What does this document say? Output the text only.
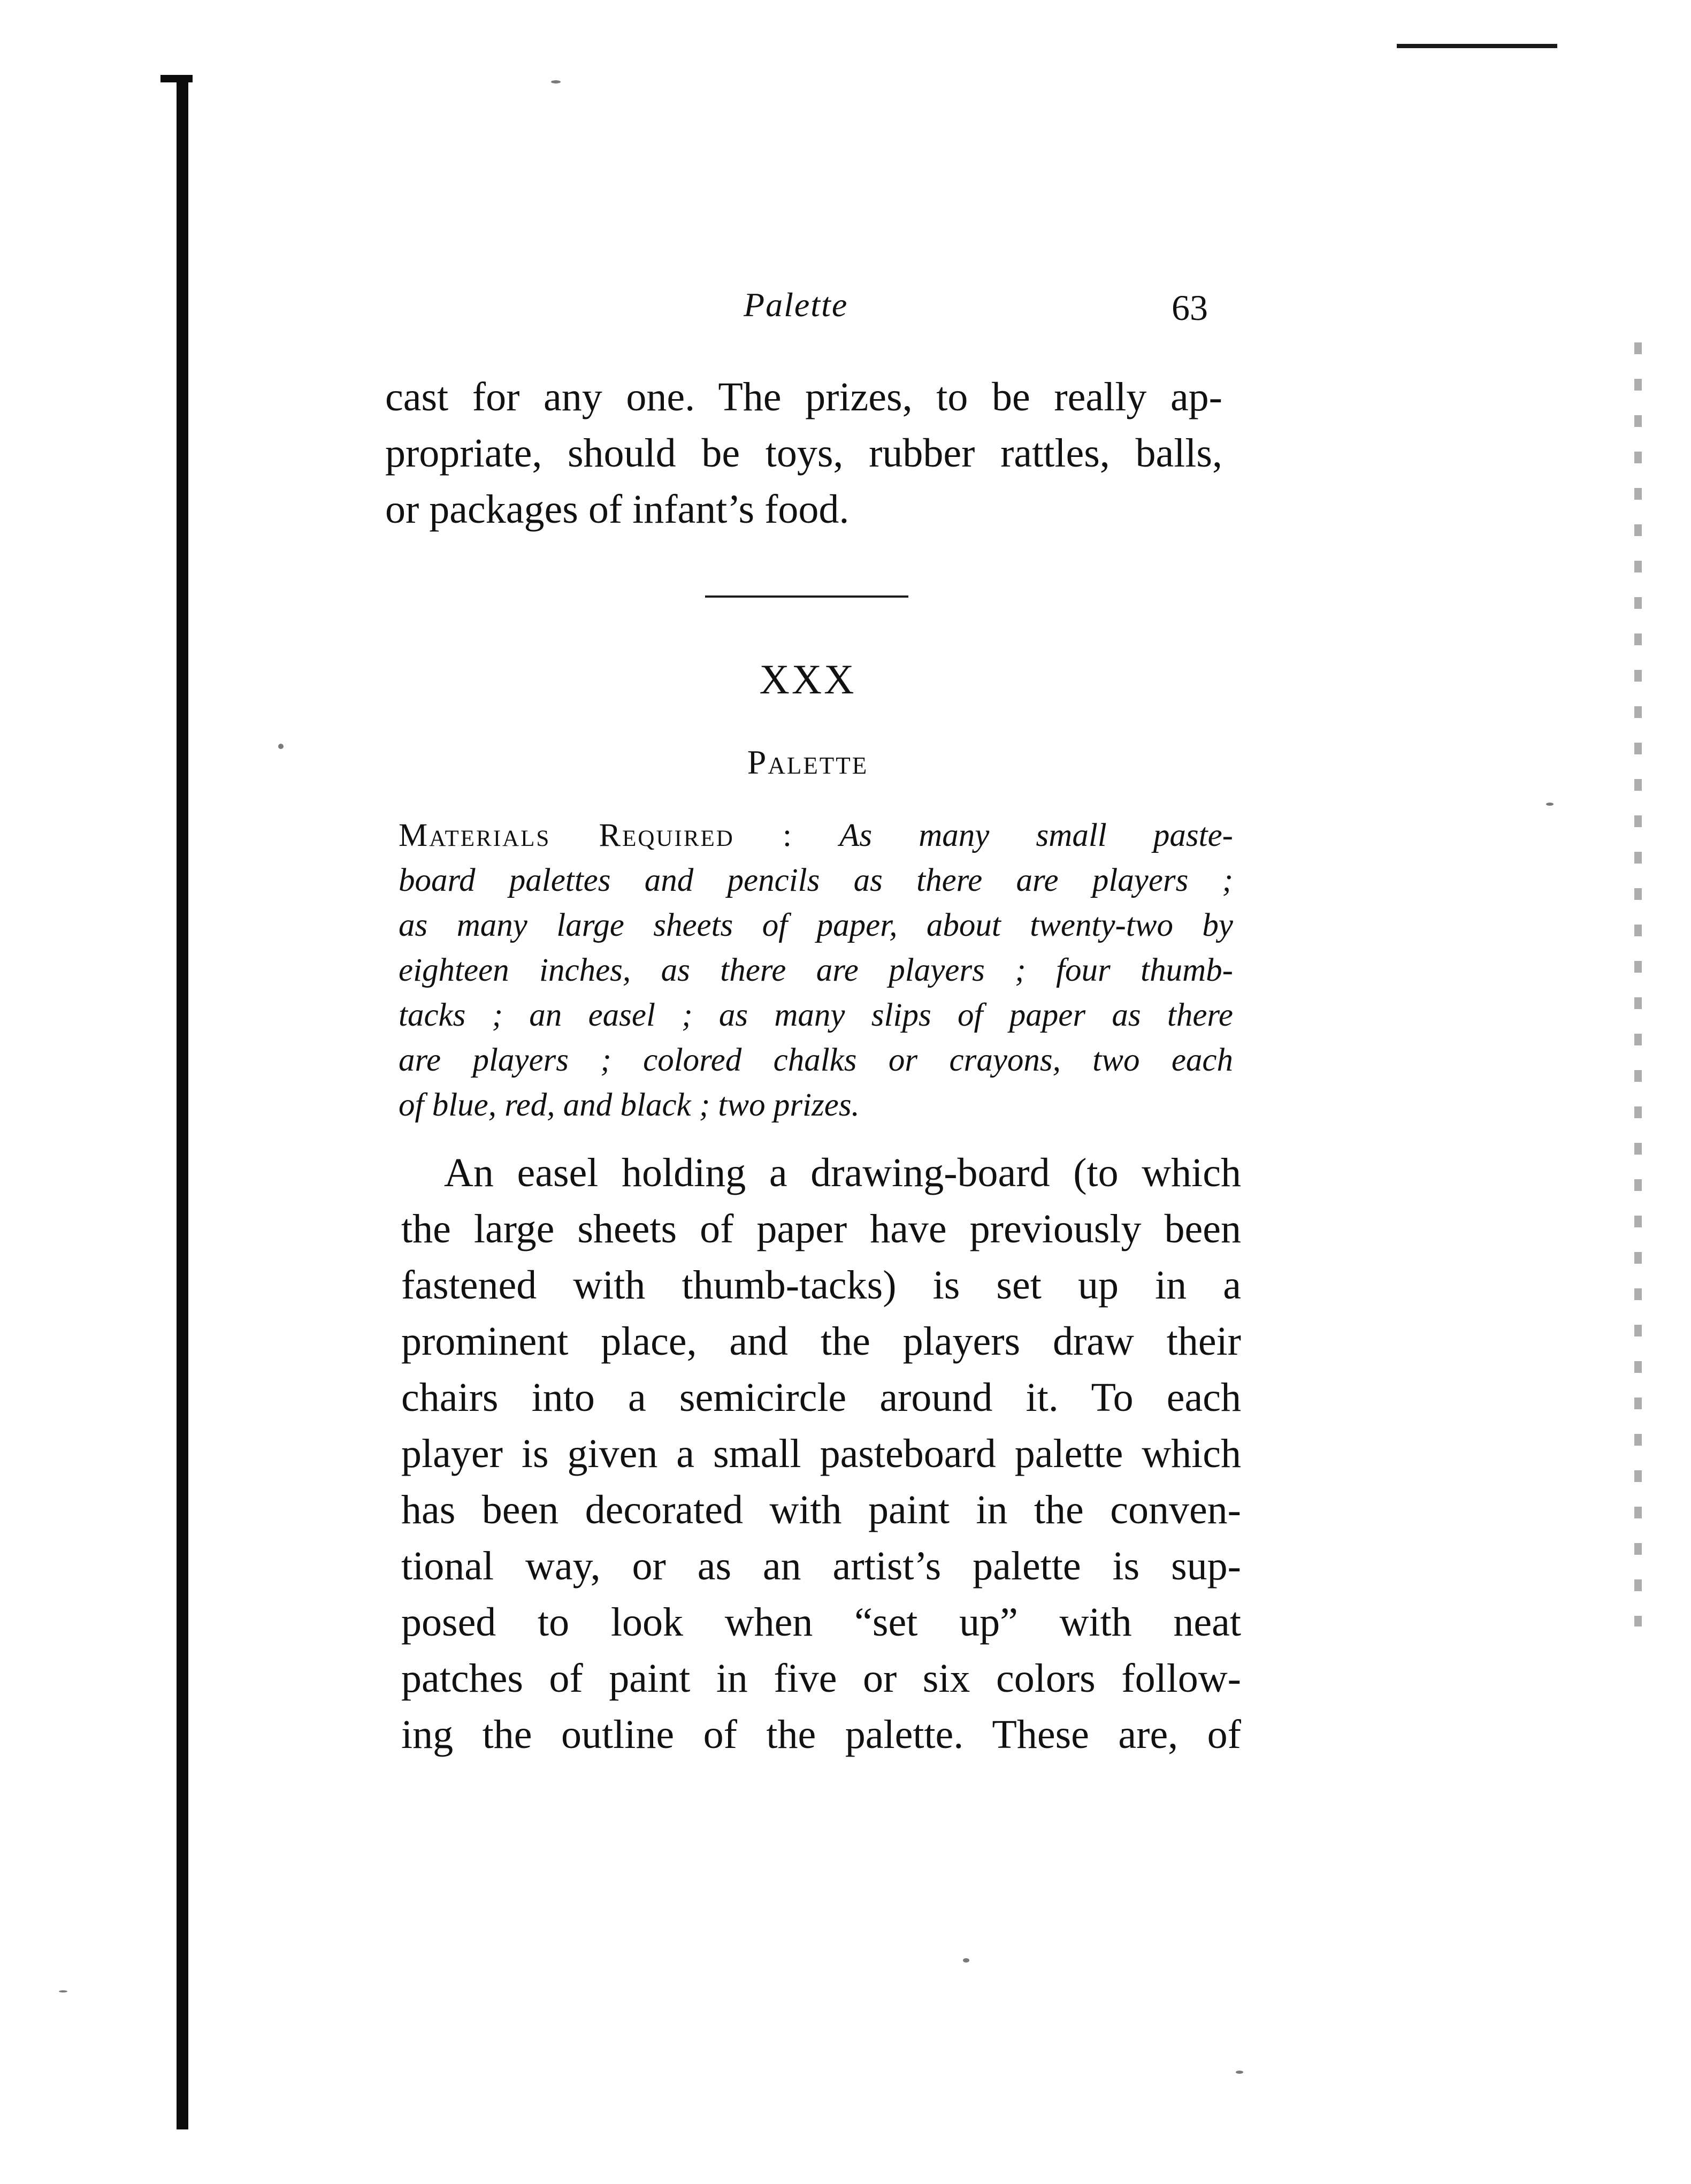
Palette	63
cast for any one. The prizes, to be really ap-
propriate, should be toys, rubber rattles, balls,
or packages of infant’s food.
XXX
Palette
Materials Required : As many small paste-
board palettes and pencils as there are players ;
as many large sheets of paper, about twenty-two by
eighteen inches, as there are players ; four thumb-
tacks ; an easel ; as many slips of paper as there
are players ; colored chalks or crayons, two each
of blue, red, and black ; two prizes.
An easel holding a drawing-board (to which
the large sheets of paper have previously been
fastened with thumb-tacks) is set up in a
prominent place, and the players draw their
chairs into a semicircle around it. To each
player is given a small pasteboard palette which
has been decorated with paint in the conven-
tional way, or as an artist’s palette is sup-
posed to look when “set up” with neat
patches of paint in five or six colors follow-
ing the outline of the palette. These are, of
